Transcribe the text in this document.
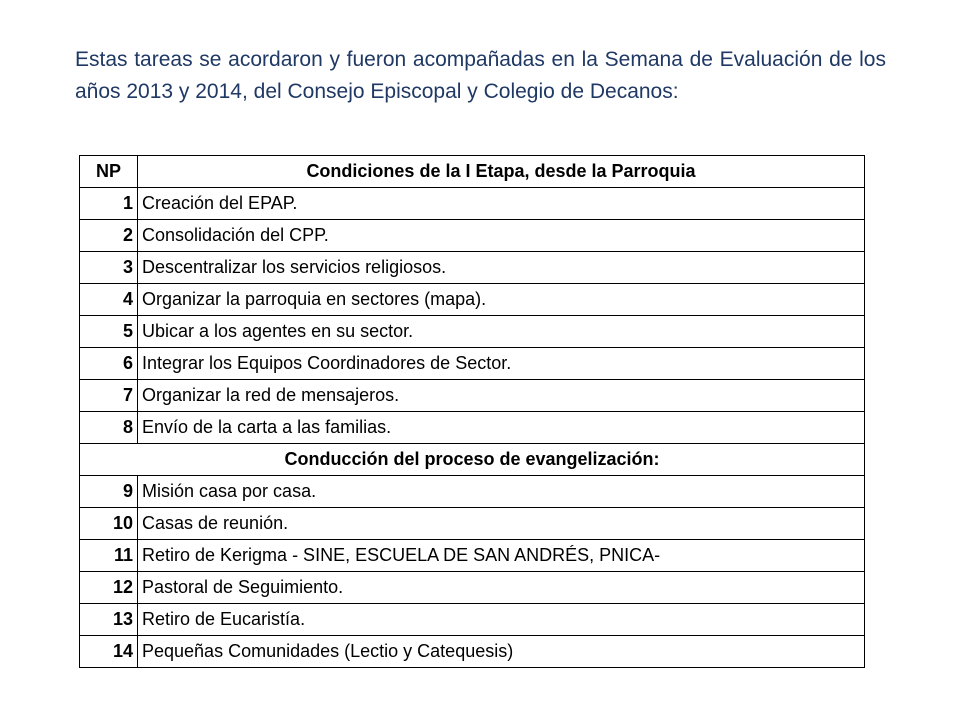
Estas tareas se acordaron y fueron acompañadas en la Semana de Evaluación de los años 2013 y 2014, del Consejo Episcopal y Colegio de Decanos:

NP	Condiciones de la I Etapa, desde la Parroquia
1	Creación del EPAP.
2	Consolidación del CPP.
3	Descentralizar los servicios religiosos.
4	Organizar la parroquia en sectores (mapa).
5	Ubicar a los agentes en su sector.
6	Integrar los Equipos Coordinadores de Sector.
7	Organizar la red de mensajeros.
8	Envío de la carta a las familias.
Conducción del proceso de evangelización:	
9	Misión casa por casa.
10	Casas de reunión.
11	Retiro de Kerigma - SINE, ESCUELA DE SAN ANDRÉS, PNICA-
12	Pastoral de Seguimiento.
13	Retiro de Eucaristía.
14	Pequeñas Comunidades (Lectio y Catequesis)
